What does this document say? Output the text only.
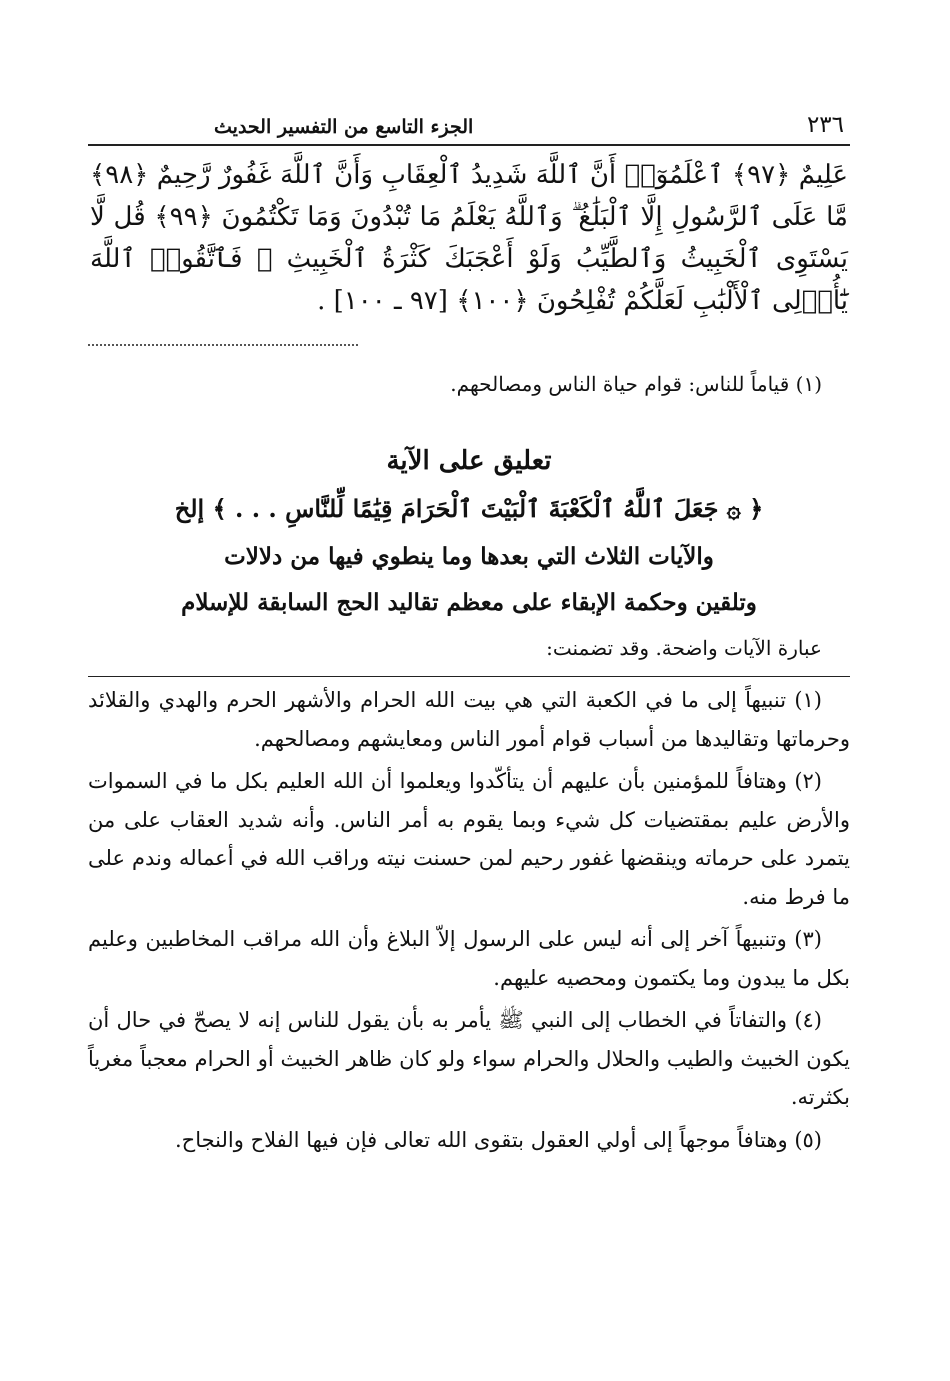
٢٣٦
الجزء التاسع من التفسير الحديث
عَلِيمٌ ﴿٩٧﴾ ٱعْلَمُوٓا۟ أَنَّ ٱللَّهَ شَدِيدُ ٱلْعِقَابِ وَأَنَّ ٱللَّهَ غَفُورٌ رَّحِيمٌ ﴿٩٨﴾ مَّا عَلَى ٱلرَّسُولِ إِلَّا ٱلْبَلَٰغُ ۗ وَٱللَّهُ يَعْلَمُ مَا تُبْدُونَ وَمَا تَكْتُمُونَ ﴿٩٩﴾ قُل لَّا يَسْتَوِى ٱلْخَبِيثُ وَٱلطَّيِّبُ وَلَوْ أَعْجَبَكَ كَثْرَةُ ٱلْخَبِيثِ ۚ فَٱتَّقُوا۟ ٱللَّهَ يَٰٓأُو۟لِى ٱلْأَلْبَٰبِ لَعَلَّكُمْ تُفْلِحُونَ ﴿١٠٠﴾ [٩٧ ـ ١٠٠] .
(١) قياماً للناس: قوام حياة الناس ومصالحهم.
تعليق على الآية
﴿ ۞ جَعَلَ ٱللَّهُ ٱلْكَعْبَةَ ٱلْبَيْتَ ٱلْحَرَامَ قِيَٰمًا لِّلنَّاسِ . . . ﴾ إلخ
والآيات الثلاث التي بعدها وما ينطوي فيها من دلالات
وتلقين وحكمة الإبقاء على معظم تقاليد الحج السابقة للإسلام
عبارة الآيات واضحة. وقد تضمنت:
(١) تنبيهاً إلى ما في الكعبة التي هي بيت الله الحرام والأشهر الحرم والهدي والقلائد وحرماتها وتقاليدها من أسباب قوام أمور الناس ومعايشهم ومصالحهم.
(٢) وهتافاً للمؤمنين بأن عليهم أن يتأكّدوا ويعلموا أن الله العليم بكل ما في السموات والأرض عليم بمقتضيات كل شيء وبما يقوم به أمر الناس. وأنه شديد العقاب على من يتمرد على حرماته وينقضها غفور رحيم لمن حسنت نيته وراقب الله في أعماله وندم على ما فرط منه.
(٣) وتنبيهاً آخر إلى أنه ليس على الرسول إلاّ البلاغ وأن الله مراقب المخاطبين وعليم بكل ما يبدون وما يكتمون ومحصيه عليهم.
(٤) والتفاتاً في الخطاب إلى النبي ﷺ يأمر به بأن يقول للناس إنه لا يصحّ في حال أن يكون الخبيث والطيب والحلال والحرام سواء ولو كان ظاهر الخبيث أو الحرام معجباً مغرياً بكثرته.
(٥) وهتافاً موجهاً إلى أولي العقول بتقوى الله تعالى فإن فيها الفلاح والنجاح.
